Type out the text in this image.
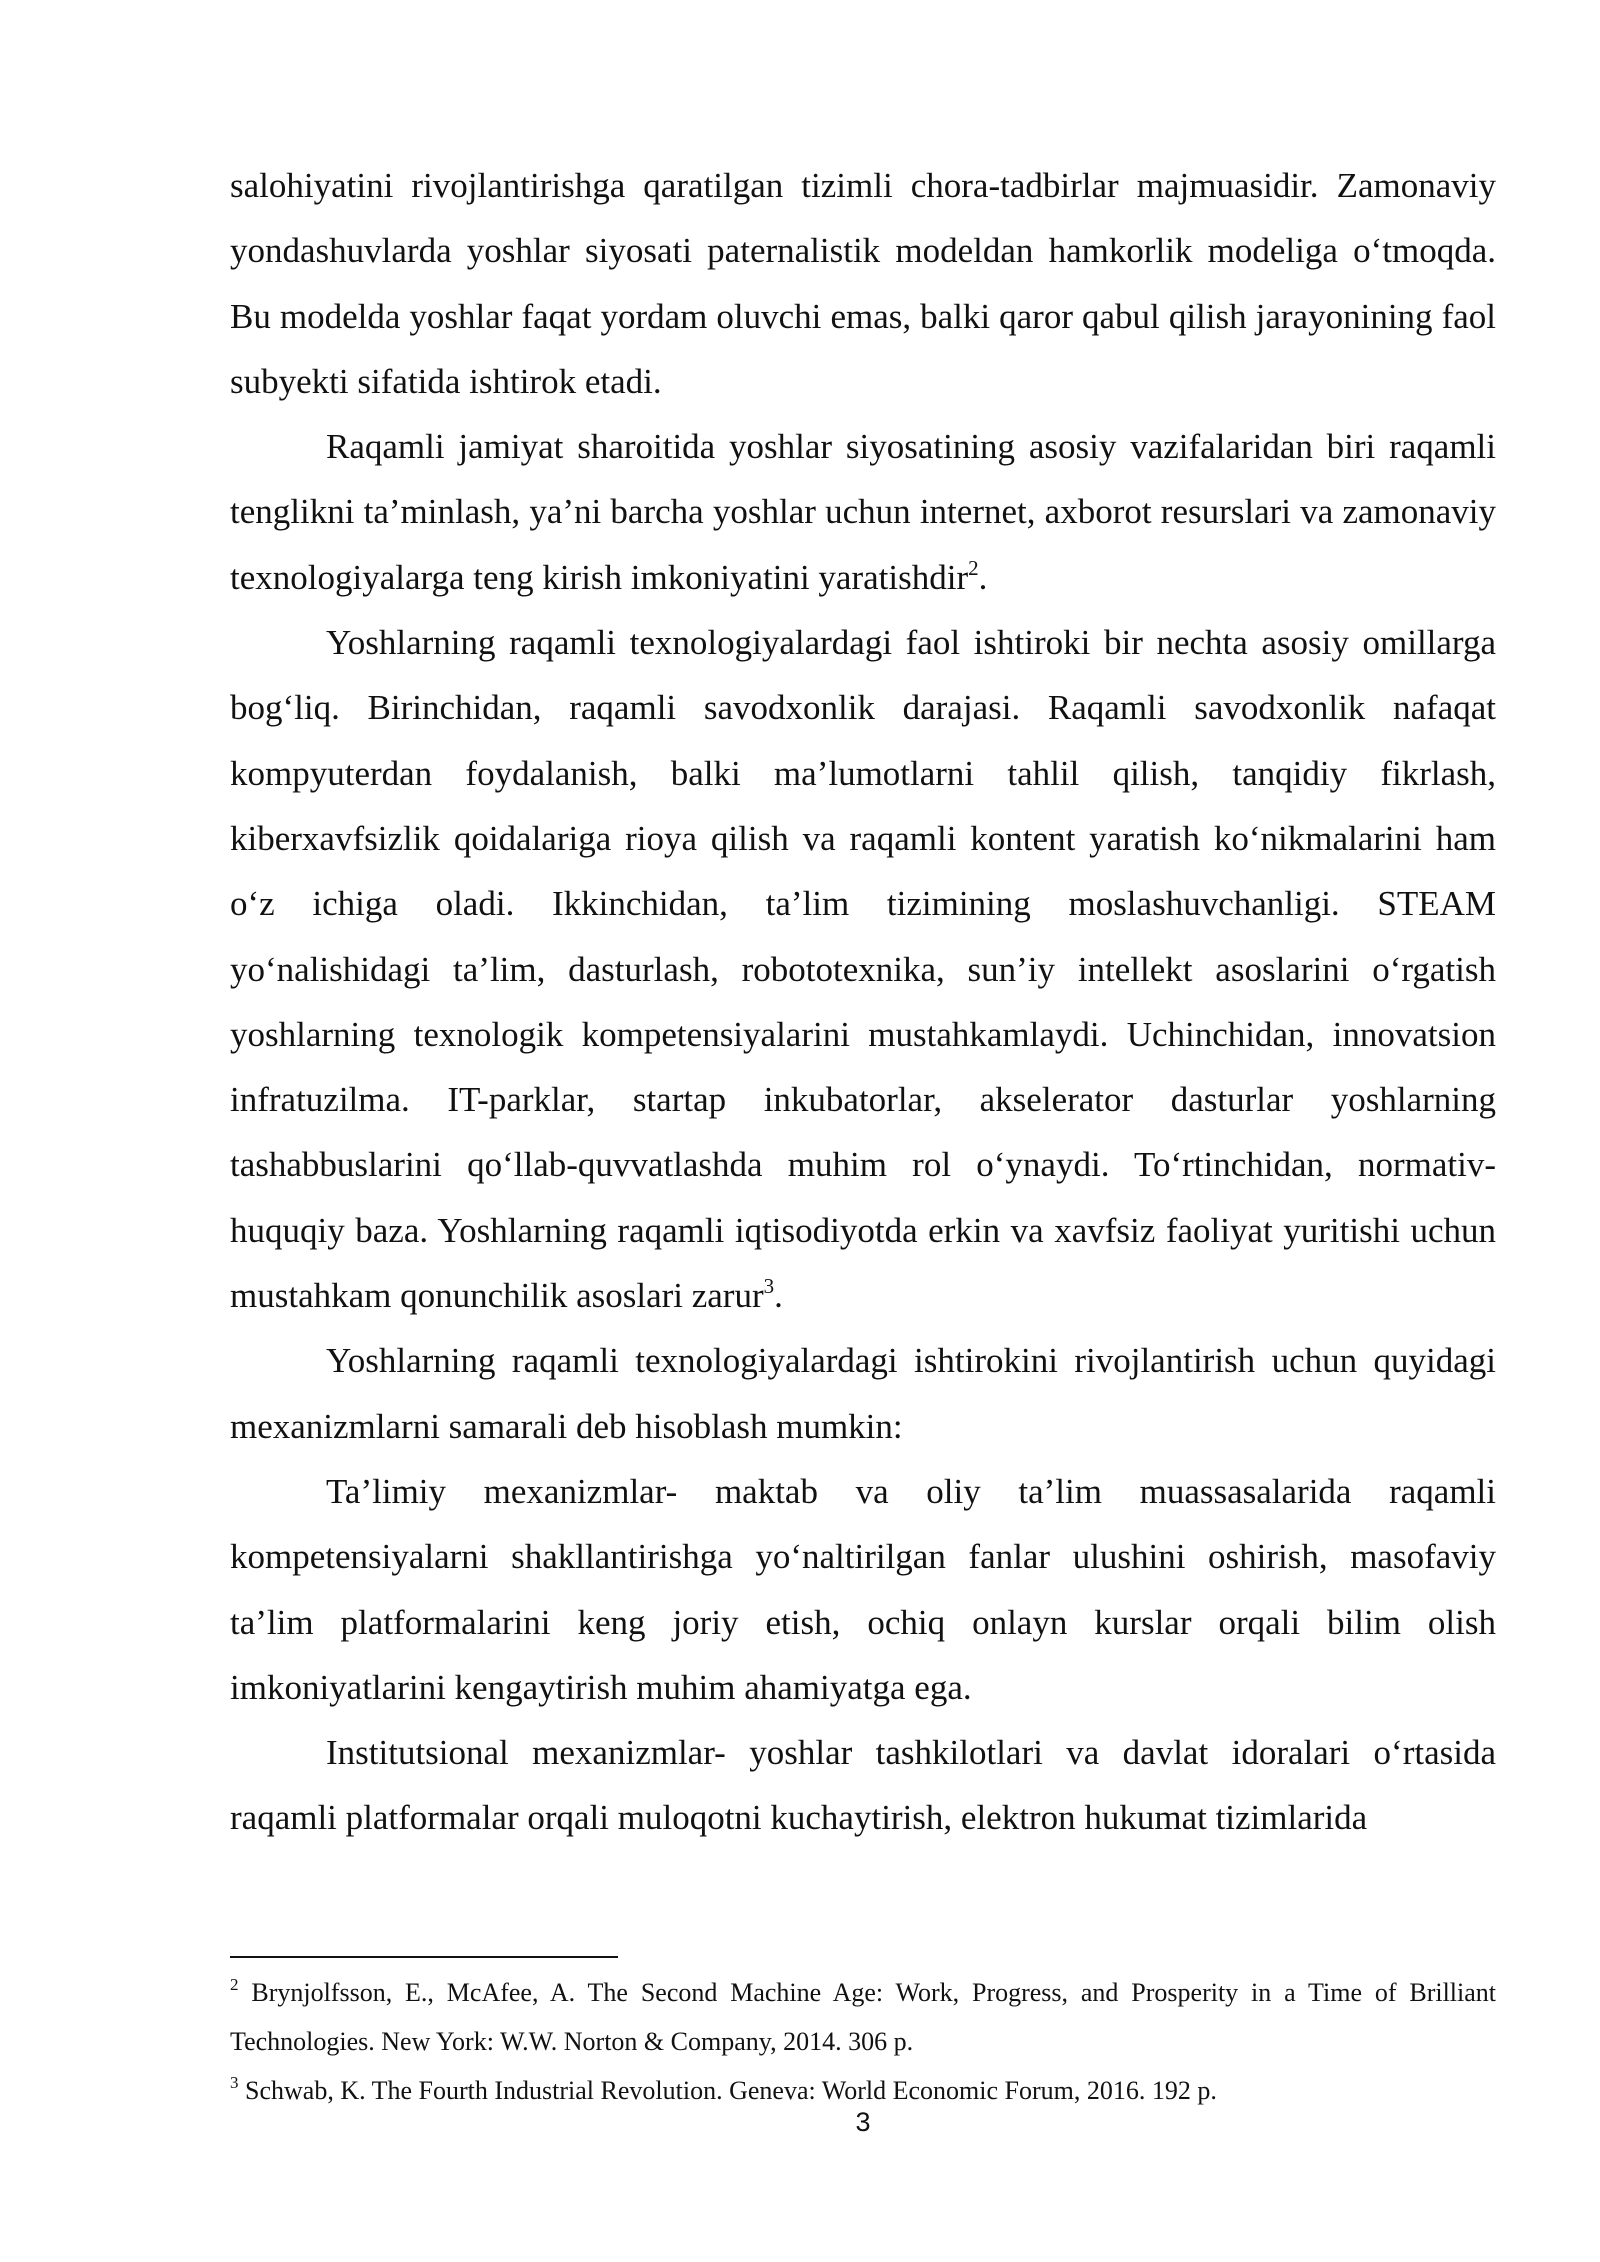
salohiyatini rivojlantirishga qaratilgan tizimli chora-tadbirlar majmuasidir. Zamonaviy yondashuvlarda yoshlar siyosati paternalistik modeldan hamkorlik modeliga o‘tmoqda. Bu modelda yoshlar faqat yordam oluvchi emas, balki qaror qabul qilish jarayonining faol subyekti sifatida ishtirok etadi.

Raqamli jamiyat sharoitida yoshlar siyosatining asosiy vazifalaridan biri raqamli tenglikni ta’minlash, ya’ni barcha yoshlar uchun internet, axborot resurslari va zamonaviy texnologiyalarga teng kirish imkoniyatini yaratishdir$^2$.

Yoshlarning raqamli texnologiyalardagi faol ishtiroki bir nechta asosiy omillarga bog‘liq. Birinchidan, raqamli savodxonlik darajasi. Raqamli savodxonlik nafaqat kompyuterdan foydalanish, balki ma’lumotlarni tahlil qilish, tanqidiy fikrlash, kiberxavfsizlik qoidalariga rioya qilish va raqamli kontent yaratish ko‘nikmalarini ham o‘z ichiga oladi. Ikkinchidan, ta’lim tizimining moslashuvchanligi. STEAM yo‘nalishidagi ta’lim, dasturlash, robototexnika, sun’iy intellekt asoslarini o‘rgatish yoshlarning texnologik kompetensiyalarini mustahkamlaydi. Uchinchidan, innovatsion infratuzilma. IT-parklar, startap inkubatorlar, akselerator dasturlar yoshlarning tashabbuslarini qo‘llab-quvvatlashda muhim rol o‘ynaydi. To‘rtinchidan, normativ-huquqiy baza. Yoshlarning raqamli iqtisodiyotda erkin va xavfsiz faoliyat yuritishi uchun mustahkam qonunchilik asoslari zarur$^3$.

Yoshlarning raqamli texnologiyalardagi ishtirokini rivojlantirish uchun quyidagi mexanizmlarni samarali deb hisoblash mumkin:

Ta’limiy mexanizmlar- maktab va oliy ta’lim muassasalarida raqamli kompetensiyalarni shakllantirishga yo‘naltirilgan fanlar ulushini oshirish, masofaviy ta’lim platformalarini keng joriy etish, ochiq onlayn kurslar orqali bilim olish imkoniyatlarini kengaytirish muhim ahamiyatga ega.

Institutsional mexanizmlar- yoshlar tashkilotlari va davlat idoralari o‘rtasida raqamli platformalar orqali muloqotni kuchaytirish, elektron hukumat tizimlarida

$^2$ Brynjolfsson, E., McAfee, A. The Second Machine Age: Work, Progress, and Prosperity in a Time of Brilliant Technologies. New York: W.W. Norton & Company, 2014. 306 p.

$^3$ Schwab, K. The Fourth Industrial Revolution. Geneva: World Economic Forum, 2016. 192 p.

3
